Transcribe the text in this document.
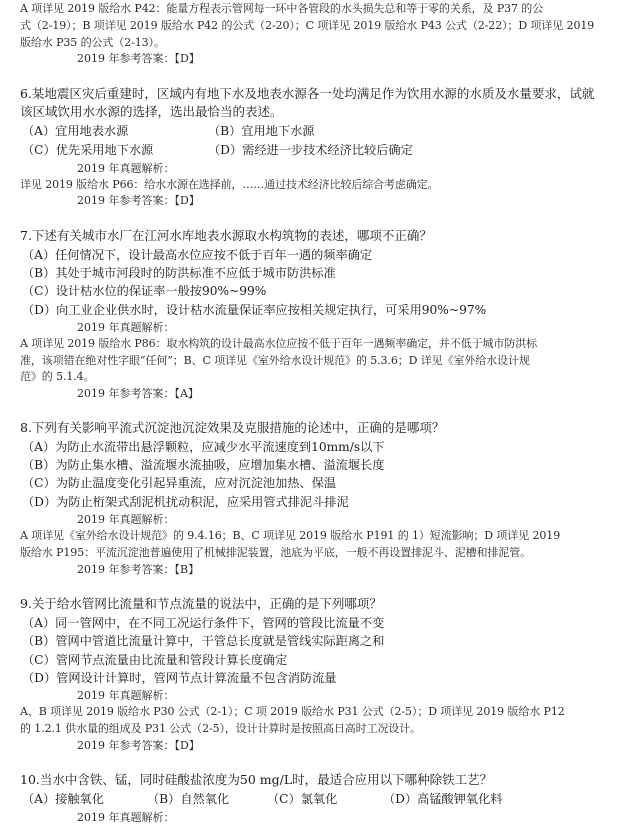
A 项详见 2019 版给水 P42：能量方程表示管网每一环中各管段的水头损失总和等于零的关系，及 P37 的公
式（2-19）；B 项详见 2019 版给水 P42 的公式（2-20）；C 项详见 2019 版给水 P43 公式（2-22）；D 项详见 2019
版给水 P35 的公式（2-13）。
2019 年参考答案：【D】
6.某地震区灾后重建时，区域内有地下水及地表水源各一处均满足作为饮用水源的水质及水量要求，试就
该区域饮用水水源的选择，选出最恰当的表述。
（A）宜用地表水源	（B）宜用地下水源
（C）优先采用地下水源	（D）需经进一步技术经济比较后确定
2019 年真题解析：
详见 2019 版给水 P66：给水水源在选择前，……通过技术经济比较后综合考虑确定。
2019 年参考答案：【D】
7.下述有关城市水厂在江河水库地表水源取水构筑物的表述，哪项不正确？
（A）任何情况下，设计最高水位应按不低于百年一遇的频率确定
（B）其处于城市河段时的防洪标准不应低于城市防洪标准
（C）设计枯水位的保证率一般按90%~99%
（D）向工业企业供水时，设计枯水流量保证率应按相关规定执行，可采用90%~97%
2019 年真题解析：
A 项详见 2019 版给水 P86：取水构筑的设计最高水位应按不低于百年一遇频率确定，并不低于城市防洪标
准，该项错在绝对性字眼“任何”；B、C 项详见《室外给水设计规范》的 5.3.6；D 详见《室外给水设计规
范》的 5.1.4。
2019 年参考答案：【A】
8.下列有关影响平流式沉淀池沉淀效果及克服措施的论述中，正确的是哪项？
（A）为防止水流带出悬浮颗粒，应减少水平流速度到10mm/s以下
（B）为防止集水槽、溢流堰水流抽吸，应增加集水槽、溢流堰长度
（C）为防止温度变化引起异重流，应对沉淀池加热、保温
（D）为防止桁架式刮泥机扰动积泥，应采用管式排泥斗排泥
2019 年真题解析：
A 项详见《室外给水设计规范》的 9.4.16；B、C 项详见 2019 版给水 P191 的 1）短流影响；D 项详见 2019
版给水 P195：平流沉淀池普遍使用了机械排泥装置，池底为平底，一般不再设置排泥斗、泥槽和排泥管。
2019 年参考答案：【B】
9.关于给水管网比流量和节点流量的说法中，正确的是下列哪项？
（A）同一管网中，在不同工况运行条件下，管网的管段比流量不变
（B）管网中管道比流量计算中，干管总长度就是管线实际距离之和
（C）管网节点流量由比流量和管段计算长度确定
（D）管网设计计算时，管网节点计算流量不包含消防流量
2019 年真题解析：
A、B 项详见 2019 版给水 P30 公式（2-1）；C 项 2019 版给水 P31 公式（2-5）；D 项详见 2019 版给水 P12
的 1.2.1 供水量的组成及 P31 公式（2-5），设计计算时是按照高日高时工况设计。
2019 年参考答案：【D】
10.当水中含铁、锰，同时硅酸盐浓度为50 mg/L时，最适合应用以下哪种除铁工艺？
（A）接触氧化	（B）自然氧化	（C）氯氧化	（D）高锰酸钾氧化料
2019 年真题解析：
